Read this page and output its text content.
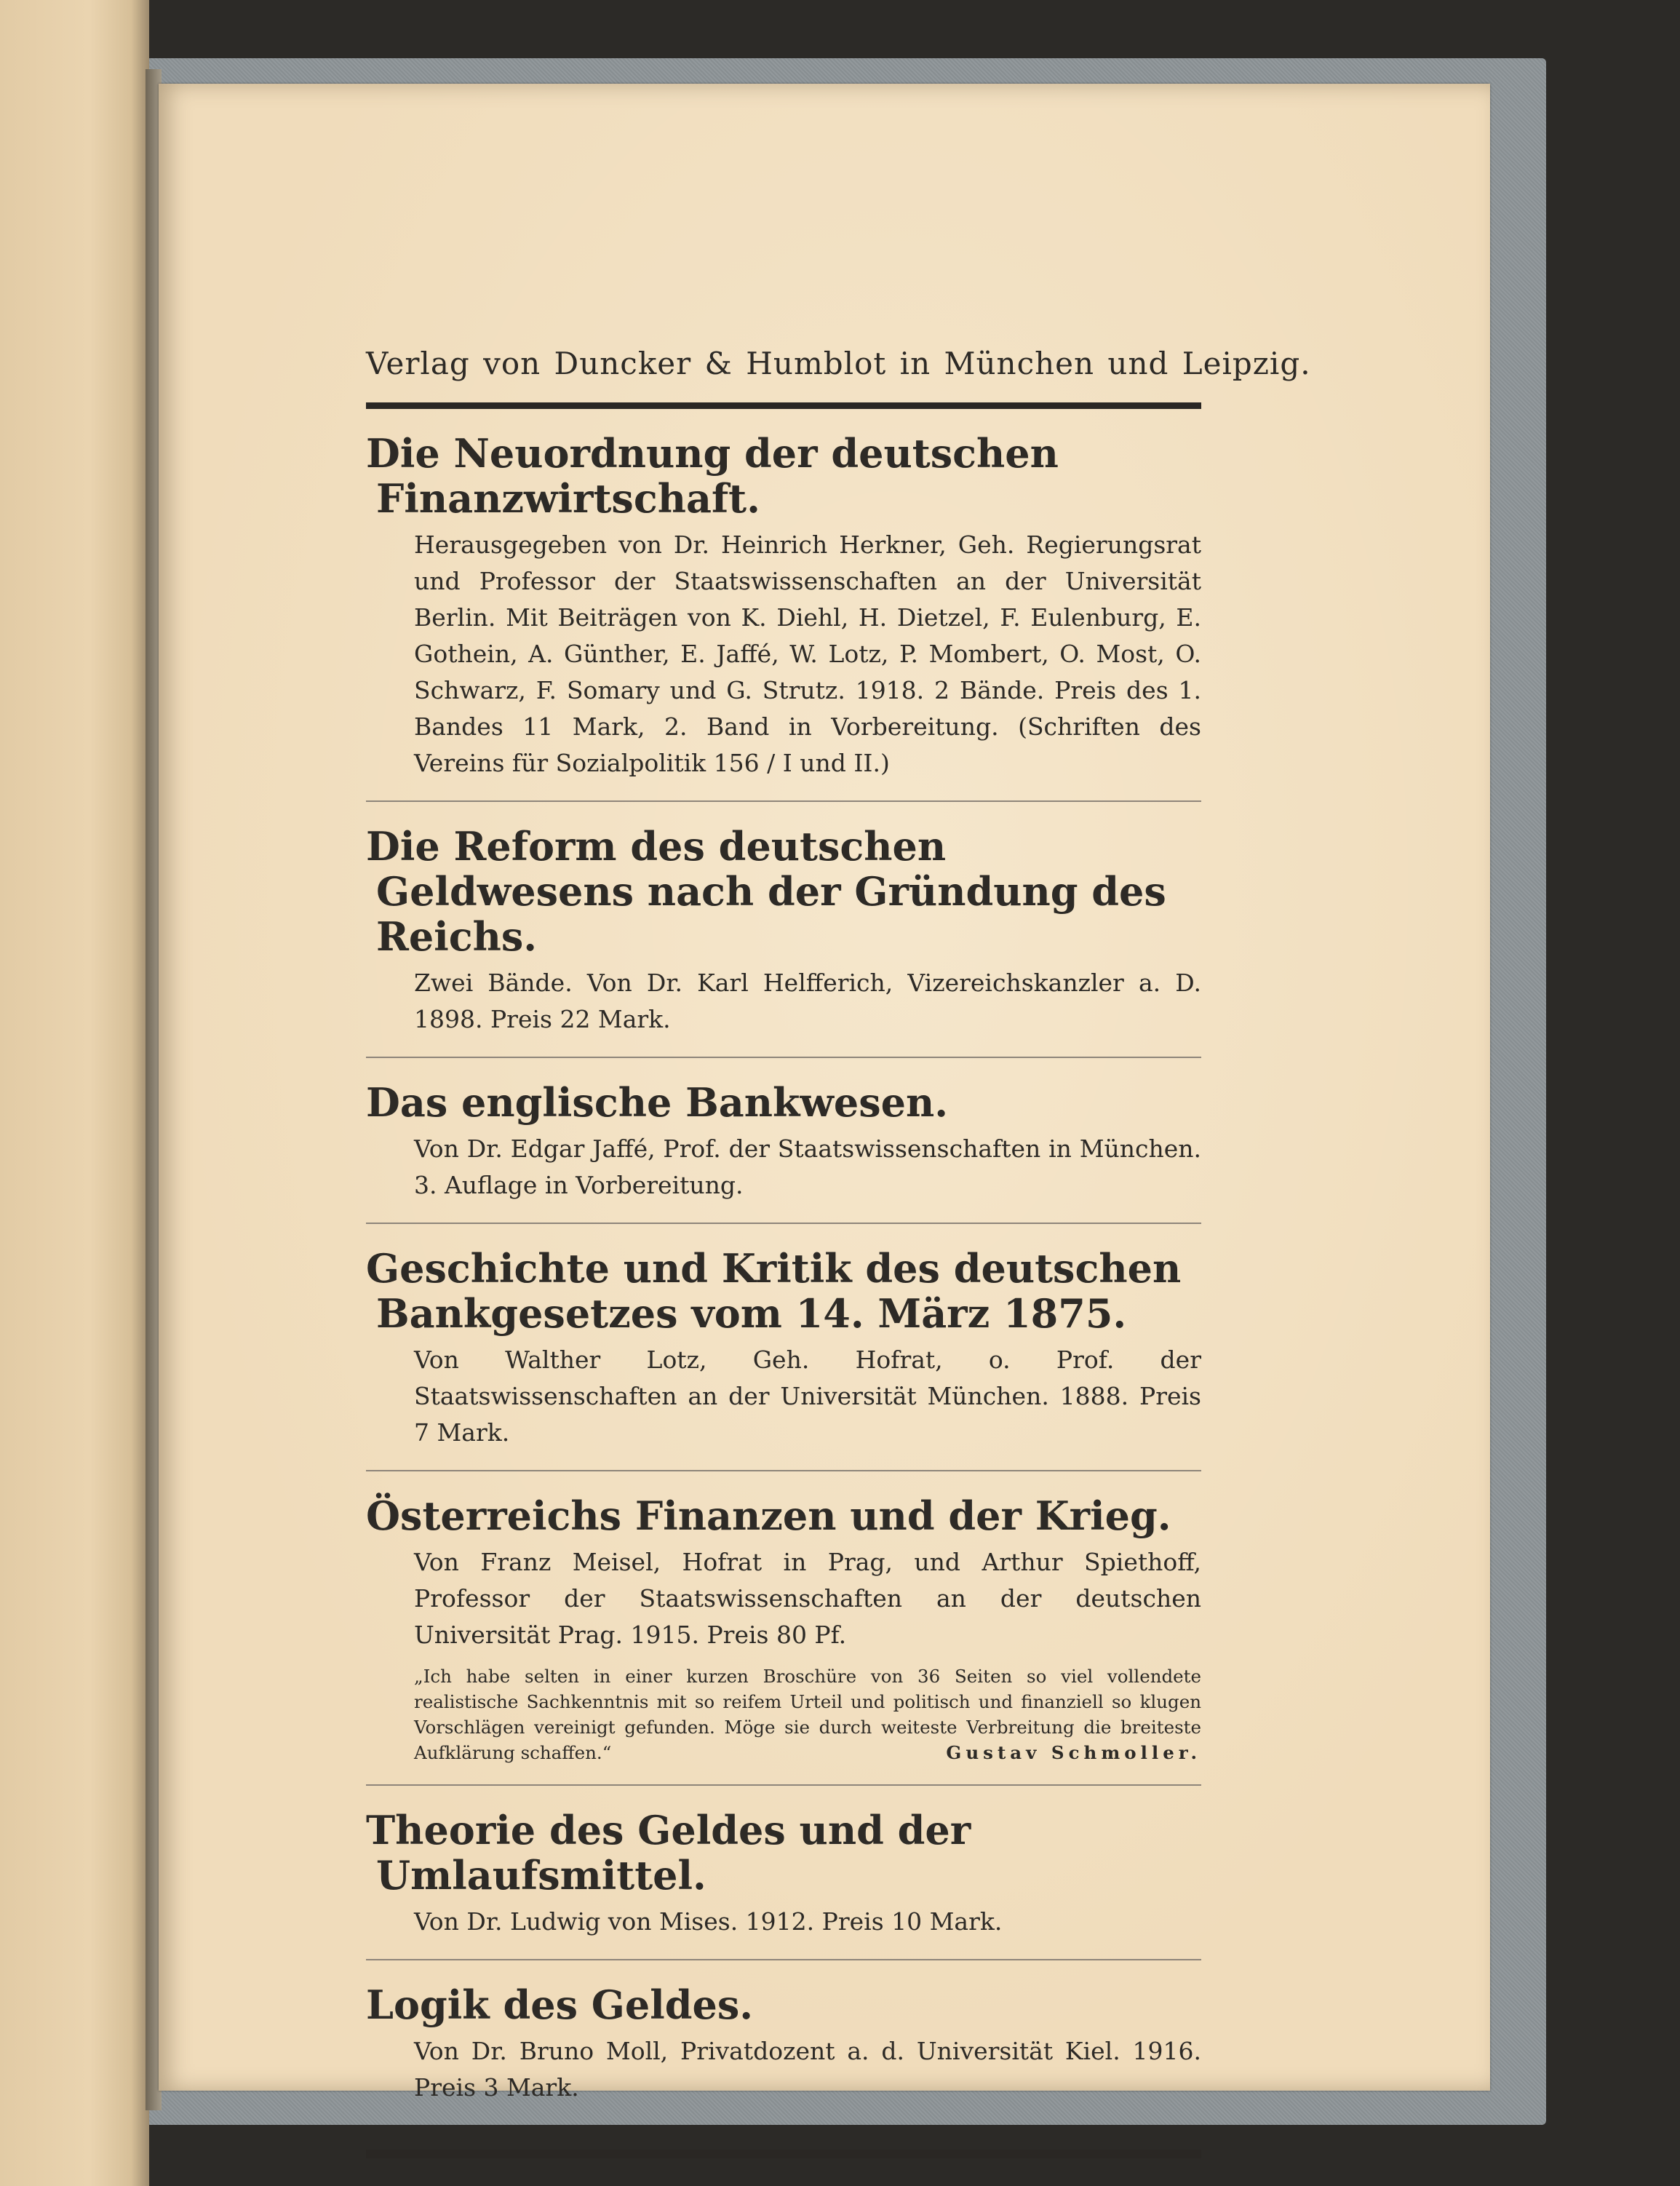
Verlag von Duncker & Humblot in München und Leipzig.
Die Neuordnung der deutschen Finanzwirtschaft.
Herausgegeben von Dr. Heinrich Herkner, Geh. Regierungsrat und Professor der Staatswissenschaften an der Universität Berlin. Mit Beiträgen von K. Diehl, H. Dietzel, F. Eulenburg, E. Gothein, A. Günther, E. Jaffé, W. Lotz, P. Mombert, O. Most, O. Schwarz, F. Somary und G. Strutz. 1918. 2 Bände. Preis des 1. Bandes 11 Mark, 2. Band in Vorbereitung. (Schriften des Vereins für Sozialpolitik 156 / I und II.)
Die Reform des deutschen Geldwesens nach der Gründung des Reichs.
Zwei Bände. Von Dr. Karl Helfferich, Vizereichskanzler a. D. 1898. Preis 22 Mark.
Das englische Bankwesen.
Von Dr. Edgar Jaffé, Prof. der Staatswissenschaften in München. 3. Auflage in Vorbereitung.
Geschichte und Kritik des deutschen Bankgesetzes vom 14. März 1875.
Von Walther Lotz, Geh. Hofrat, o. Prof. der Staatswissenschaften an der Universität München. 1888. Preis 7 Mark.
Österreichs Finanzen und der Krieg.
Von Franz Meisel, Hofrat in Prag, und Arthur Spiethoff, Professor der Staatswissenschaften an der deutschen Universität Prag. 1915. Preis 80 Pf.
„Ich habe selten in einer kurzen Broschüre von 36 Seiten so viel vollendete realistische Sachkenntnis mit so reifem Urteil und politisch und finanziell so klugen Vorschlägen vereinigt gefunden. Möge sie durch weiteste Verbreitung die breiteste Aufklärung schaffen.“	Gustav Schmoller.
Theorie des Geldes und der Umlaufsmittel.
Von Dr. Ludwig von Mises. 1912. Preis 10 Mark.
Logik des Geldes.
Von Dr. Bruno Moll, Privatdozent a. d. Universität Kiel. 1916. Preis 3 Mark.
